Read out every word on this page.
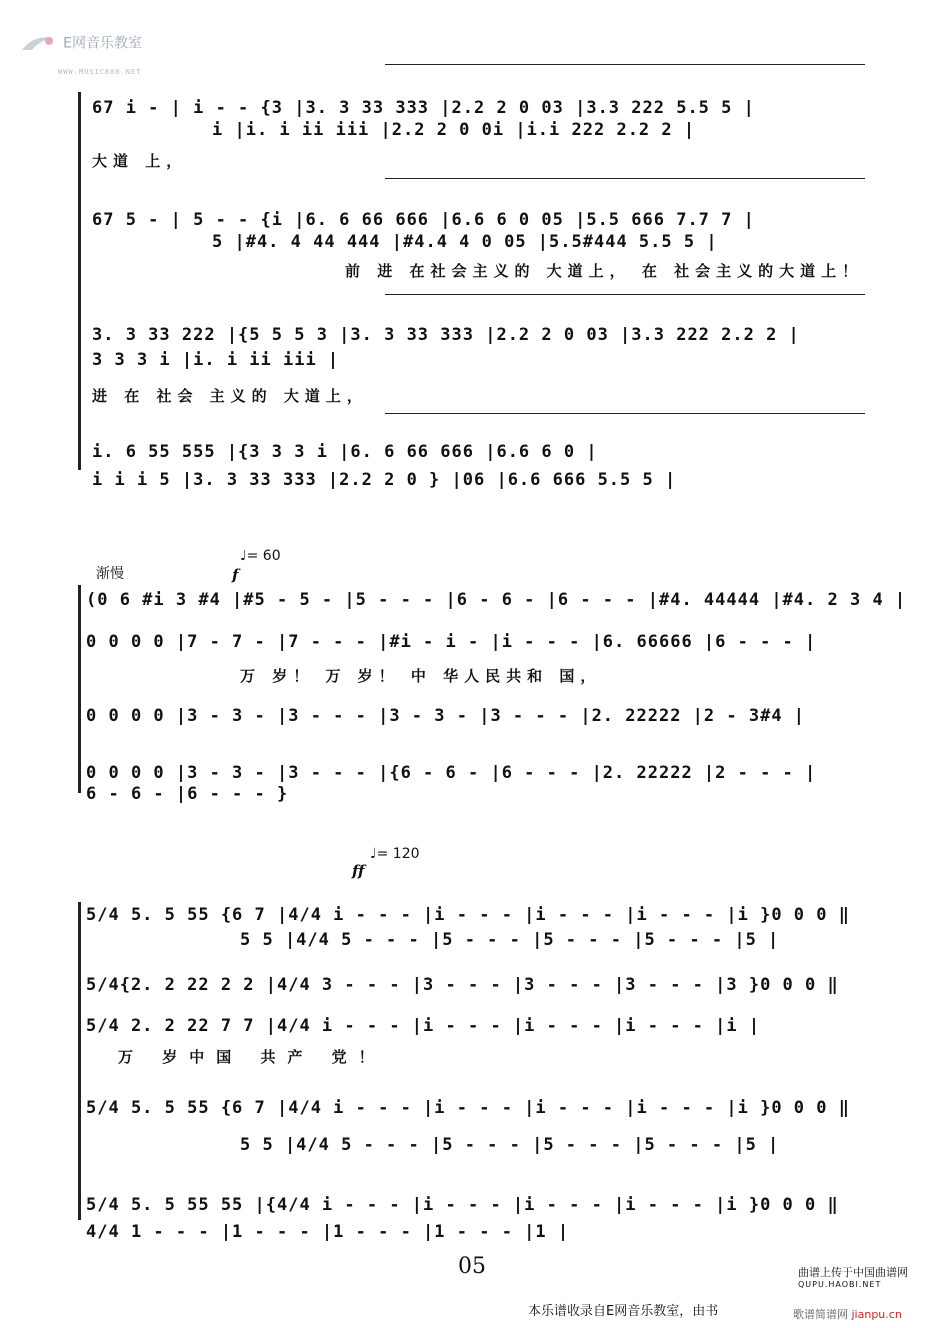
E网音乐教室
WWW.MUSIC888.NET
67 i - | i - - {3 |3. 3 33 333 |2.2 2 0 03 |3.3 222 5.5 5 |
i |i. i ii iii |2.2 2 0 0i |i.i 222 2.2 2 |
大道 上，
67 5 - | 5 - - {i |6. 6 66 666 |6.6 6 0 05 |5.5 666 7.7 7 |
5 |#4. 4 44 444 |#4.4 4 0 05 |5.5#444 5.5 5 |
前 进 在社会主义的 大道上， 在 社会主义的大道上！
3. 3 33 222 |{5 5 5 3 |3. 3 33 333 |2.2 2 0 03 |3.3 222 2.2 2 |
3 3 3 i |i. i ii iii |
进 在 社会 主义的 大道上，
i. 6 55 555 |{3 3 3 i |6. 6 66 666 |6.6 6 0 |
i i i 5 |3. 3 33 333 |2.2 2 0 } |06 |6.6 666 5.5 5 |
渐慢
♩= 60
f
(0 6 #i 3 #4 |#5 - 5 - |5 - - - |6 - 6 - |6 - - - |#4. 44444 |#4. 2 3 4 |
0 0 0 0 |7 - 7 - |7 - - - |#i - i - |i - - - |6. 66666 |6 - - - |
万 岁！ 万 岁！ 中 华人民共和 国，
0 0 0 0 |3 - 3 - |3 - - - |3 - 3 - |3 - - - |2. 22222 |2 - 3#4 |
0 0 0 0 |3 - 3 - |3 - - - |{6 - 6 - |6 - - - |2. 22222 |2 - - - |
6 - 6 - |6 - - - }
♩= 120
ff
5/4 5. 5 55 {6 7 |4/4 i - - - |i - - - |i - - - |i - - - |i }0 0 0 ‖
5 5 |4/4 5 - - - |5 - - - |5 - - - |5 - - - |5 |
5/4{2. 2 22 2 2 |4/4 3 - - - |3 - - - |3 - - - |3 - - - |3 }0 0 0 ‖
5/4 2. 2 22 7 7 |4/4 i - - - |i - - - |i - - - |i - - - |i |
万 岁中国 共产 党！
5/4 5. 5 55 {6 7 |4/4 i - - - |i - - - |i - - - |i - - - |i }0 0 0 ‖
5 5 |4/4 5 - - - |5 - - - |5 - - - |5 - - - |5 |
5/4 5. 5 55 55 |{4/4 i - - - |i - - - |i - - - |i - - - |i }0 0 0 ‖
4/4 1 - - - |1 - - - |1 - - - |1 - - - |1 |
05	曲谱上传于中国曲谱网
QUPU.HAOBI.NET
本乐谱收录自E网音乐教室，由书	歌谱简谱网 jianpu.cn
